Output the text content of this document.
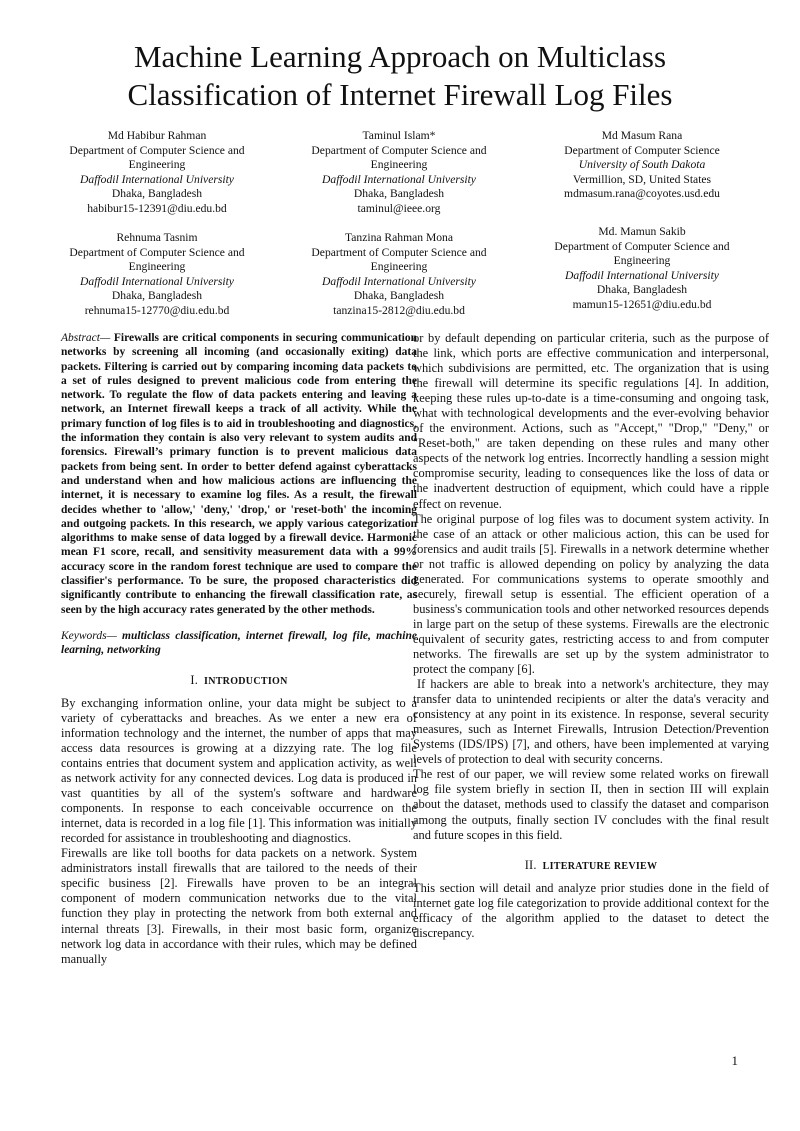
Machine Learning Approach on Multiclass
Classification of Internet Firewall Log Files
Md Habibur Rahman
Department of Computer Science and
Engineering
Daffodil International University
Dhaka, Bangladesh
habibur15-12391@diu.edu.bd
Taminul Islam*
Department of Computer Science and
Engineering
Daffodil International University
Dhaka, Bangladesh
taminul@ieee.org
Md Masum Rana
Department of Computer Science
University of South Dakota
Vermillion, SD, United States
mdmasum.rana@coyotes.usd.edu
Rehnuma Tasnim
Department of Computer Science and
Engineering
Daffodil International University
Dhaka, Bangladesh
rehnuma15-12770@diu.edu.bd
Tanzina Rahman Mona
Department of Computer Science and
Engineering
Daffodil International University
Dhaka, Bangladesh
tanzina15-2812@diu.edu.bd
Md. Mamun Sakib
Department of Computer Science and
Engineering
Daffodil International University
Dhaka, Bangladesh
mamun15-12651@diu.edu.bd

Abstract— Firewalls are critical components in securing communication networks by screening all incoming (and occasionally exiting) data packets. Filtering is carried out by comparing incoming data packets to a set of rules designed to prevent malicious code from entering the network. To regulate the flow of data packets entering and leaving a network, an Internet firewall keeps a track of all activity. While the primary function of log files is to aid in troubleshooting and diagnostics, the information they contain is also very relevant to system audits and forensics. Firewall’s primary function is to prevent malicious data packets from being sent. In order to better defend against cyberattacks and understand when and how malicious actions are influencing the internet, it is necessary to examine log files. As a result, the firewall decides whether to 'allow,' 'deny,' 'drop,' or 'reset-both' the incoming and outgoing packets. In this research, we apply various categorization algorithms to make sense of data logged by a firewall device. Harmonic mean F1 score, recall, and sensitivity measurement data with a 99% accuracy score in the random forest technique are used to compare the classifier's performance. To be sure, the proposed characteristics did significantly contribute to enhancing the firewall classification rate, as seen by the high accuracy rates generated by the other methods.

Keywords— multiclass classification, internet firewall, log file, machine learning, networking

I. INTRODUCTION

By exchanging information online, your data might be subject to a variety of cyberattacks and breaches. As we enter a new era of information technology and the internet, the number of apps that may access data resources is growing at a dizzying rate. The log file contains entries that document system and application activity, as well as network activity for any connected devices. Log data is produced in vast quantities by all of the system's software and hardware components. In response to each conceivable occurrence on the internet, data is recorded in a log file [1]. This information was initially recorded for assistance in troubleshooting and diagnostics.

Firewalls are like toll booths for data packets on a network. System administrators install firewalls that are tailored to the needs of their specific business [2]. Firewalls have proven to be an integral component of modern communication networks due to the vital function they play in protecting the network from both external and internal threats [3]. Firewalls, in their most basic form, organize network log data in accordance with their rules, which may be defined manually

or by default depending on particular criteria, such as the purpose of the link, which ports are effective communication and interpersonal, which subdivisions are permitted, etc. The organization that is using the firewall will determine its specific regulations [4]. In addition, keeping these rules up-to-date is a time-consuming and ongoing task, what with technological developments and the ever-evolving behavior of the environment. Actions, such as "Accept," "Drop," "Deny," or "Reset-both," are taken depending on these rules and many other aspects of the network log entries. Incorrectly handling a session might compromise security, leading to consequences like the loss of data or the inadvertent destruction of equipment, which could have a ripple effect on revenue.

The original purpose of log files was to document system activity. In the case of an attack or other malicious action, this can be used for forensics and audit trails [5]. Firewalls in a network determine whether or not traffic is allowed depending on policy by analyzing the data generated. For communications systems to operate smoothly and securely, firewall setup is essential. The efficient operation of a business's communication tools and other networked resources depends in large part on the setup of these systems. Firewalls are the electronic equivalent of security gates, restricting access to and from computer networks. The firewalls are set up by the system administrator to protect the company [6].

If hackers are able to break into a network's architecture, they may transfer data to unintended recipients or alter the data's veracity and consistency at any point in its existence. In response, several security measures, such as Internet Firewalls, Intrusion Detection/Prevention Systems (IDS/IPS) [7], and others, have been implemented at varying levels of protection to deal with security concerns.

The rest of our paper, we will review some related works on firewall log file system briefly in section II, then in section III will explain about the dataset, methods used to classify the dataset and comparison among the outputs, finally section IV concludes with the final result and future scopes in this field.

II. LITERATURE REVIEW

This section will detail and analyze prior studies done in the field of internet gate log file categorization to provide additional context for the efficacy of the algorithm applied to the dataset to detect the discrepancy.

1
